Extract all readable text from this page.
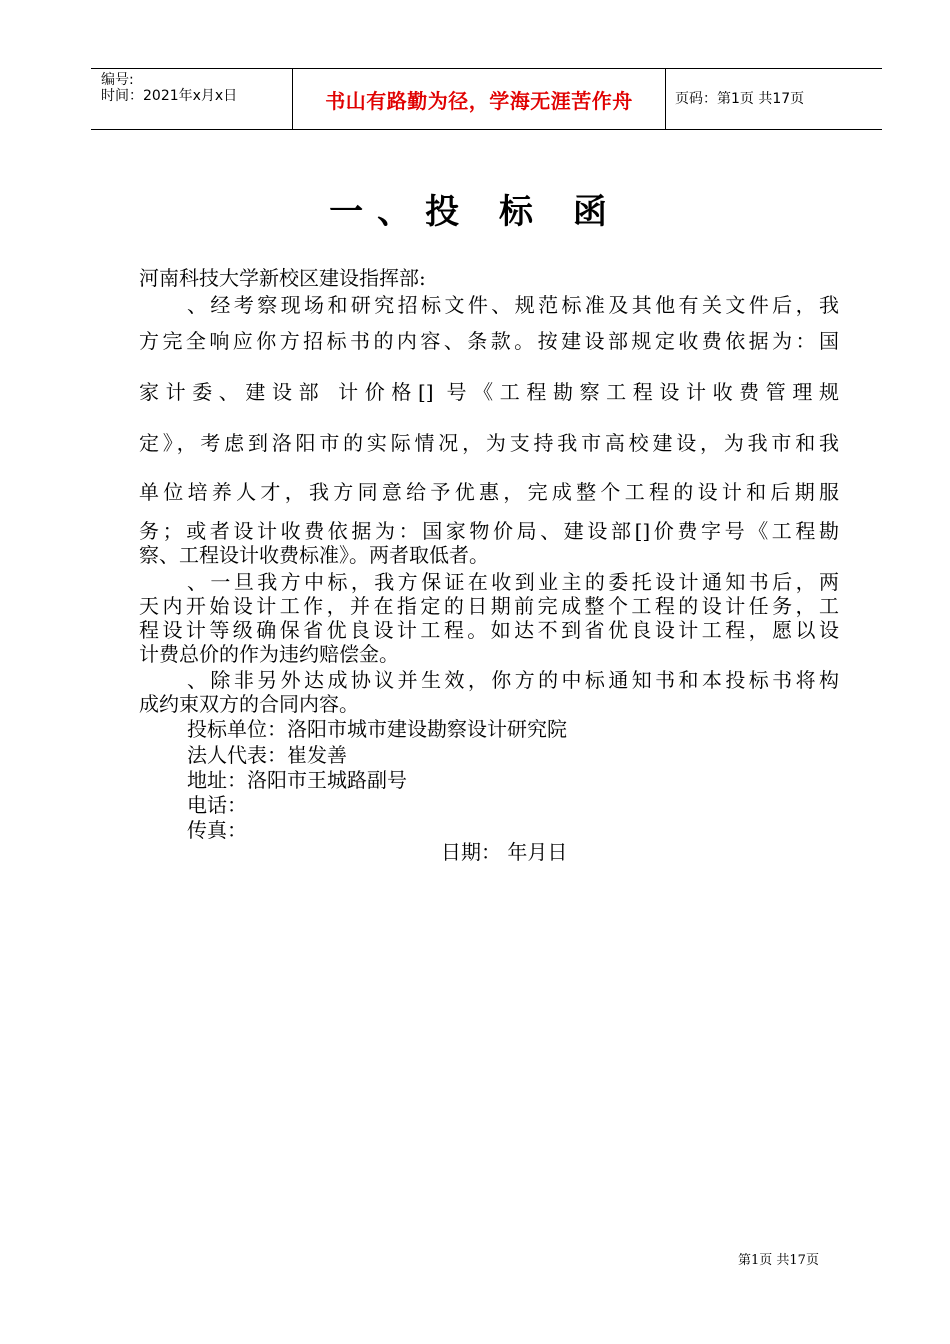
编号:
时间：2021年x月x日	书山有路勤为径，学海无涯苦作舟	页码：第1页 共17页
一、投 标 函
河南科技大学新校区建设指挥部:
、经考察现场和研究招标文件、规范标准及其他有关文件后，我
方完全响应你方招标书的内容、条款。按建设部规定收费依据为：国
家计委、建设部 计价格[] 号《工程勘察工程设计收费管理规
定》，考虑到洛阳市的实际情况，为支持我市高校建设，为我市和我
单位培养人才，我方同意给予优惠，完成整个工程的设计和后期服
务；或者设计收费依据为：国家物价局、建设部[]价费字号《工程勘
察、工程设计收费标准》。两者取低者。
、一旦我方中标，我方保证在收到业主的委托设计通知书后，两
天内开始设计工作，并在指定的日期前完成整个工程的设计任务，工
程设计等级确保省优良设计工程。如达不到省优良设计工程，愿以设
计费总价的作为违约赔偿金。
、除非另外达成协议并生效，你方的中标通知书和本投标书将构
成约束双方的合同内容。
投标单位：洛阳市城市建设勘察设计研究院
法人代表：崔发善
地址：洛阳市王城路副号
电话：
传真：
日期： 年月日
第1页 共17页
